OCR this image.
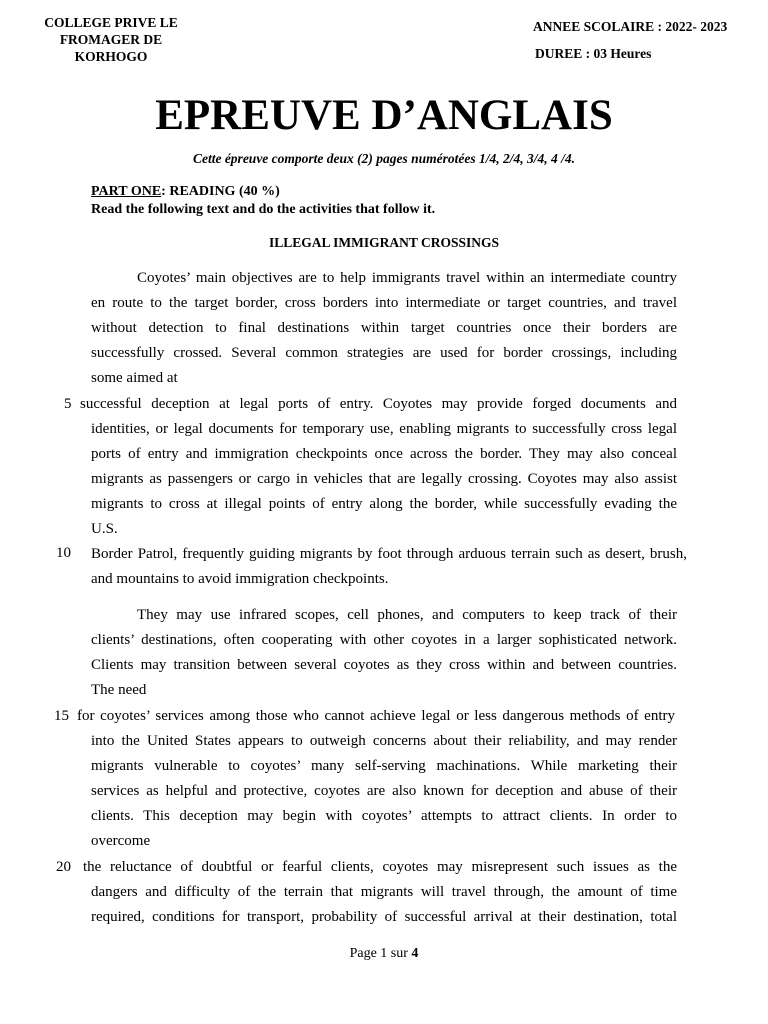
COLLEGE PRIVE LE
FROMAGER DE
KORHOGO
ANNEE SCOLAIRE : 2022- 2023
DUREE : 03 Heures
EPREUVE D’ANGLAIS
Cette épreuve comporte deux (2) pages numérotées 1/4, 2/4, 3/4, 4 /4.
PART ONE: READING (40 %)
Read the following text and do the activities that follow it.
ILLEGAL IMMIGRANT CROSSINGS
Coyotes’ main objectives are to help immigrants travel within an intermediate country
en route to the target border, cross borders into intermediate or target countries, and travel
without detection to final destinations within target countries once their borders are
successfully crossed. Several common strategies are used for border crossings, including
some aimed at
5 successful deception at legal ports of entry. Coyotes may provide forged documents and
identities, or legal documents for temporary use, enabling migrants to successfully cross legal
ports of entry and immigration checkpoints once across the border. They may also conceal
migrants as passengers or cargo in vehicles that are legally crossing. Coyotes may also assist
migrants to cross at illegal points of entry along the border, while successfully evading the
U.S.
10 Border Patrol, frequently guiding migrants by foot through arduous terrain such as desert, brush,
and mountains to avoid immigration checkpoints.
They may use infrared scopes, cell phones, and computers to keep track of their
clients’ destinations, often cooperating with other coyotes in a larger sophisticated network.
Clients may transition between several coyotes as they cross within and between countries.
The need
15 for coyotes’ services among those who cannot achieve legal or less dangerous methods of entry
into the United States appears to outweigh concerns about their reliability, and may render
migrants vulnerable to coyotes’ many self-serving machinations. While marketing their
services as helpful and protective, coyotes are also known for deception and abuse of their
clients. This deception may begin with coyotes’ attempts to attract clients. In order to
overcome
20 the reluctance of doubtful or fearful clients, coyotes may misrepresent such issues as the
dangers and difficulty of the terrain that migrants will travel through, the amount of time
required, conditions for transport, probability of successful arrival at their destination, total
Page 1 sur 4
